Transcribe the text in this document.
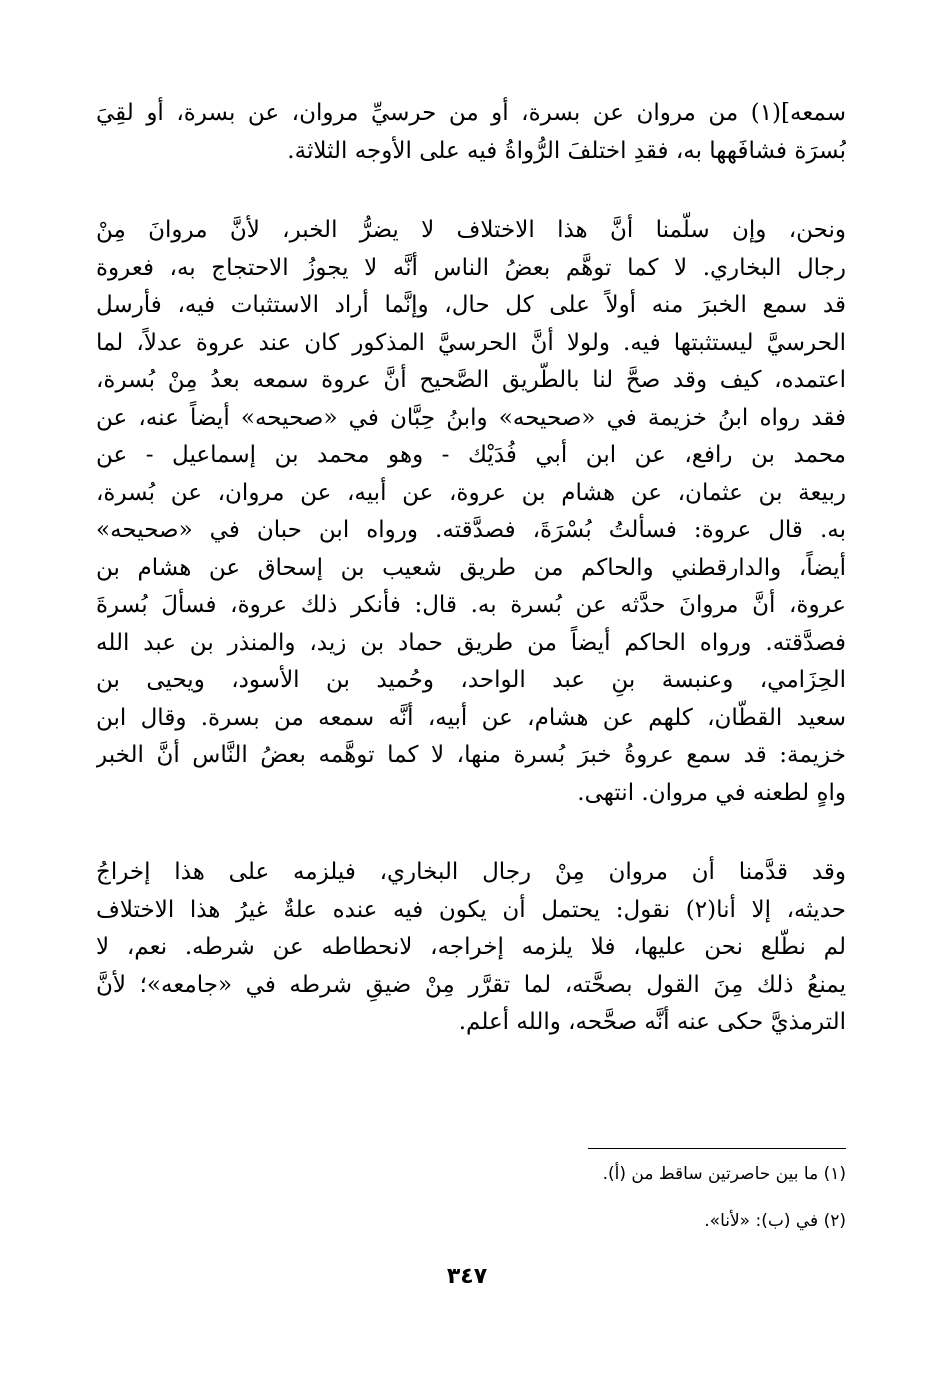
سمعه](١) من مروان عن بسرة، أو من حرسيِّ مروان، عن بسرة، أو لقِيَ
بُسرَة فشافَهها به، فقدِ اختلفَ الرُّواةُ فيه على الأوجه الثلاثة.
ونحن، وإن سلَّمنا أنَّ هذا الاختلاف لا يضرُّ الخبر، لأنَّ مروانَ مِنْ
رجال البخاري. لا كما توهَّم بعضُ الناس أنَّه لا يجوزُ الاحتجاج به، فعروة
قد سمع الخبرَ منه أولاً على كل حال، وإنَّما أراد الاستثبات فيه، فأرسل
الحرسيَّ ليستثبتها فيه. ولولا أنَّ الحرسيَّ المذكور كان عند عروة عدلاً، لما
اعتمده، كيف وقد صحَّ لنا بالطَّريق الصَّحيح أنَّ عروة سمعه بعدُ مِنْ بُسرة،
فقد رواه ابنُ خزيمة في «صحيحه» وابنُ حِبَّان في «صحيحه» أيضاً عنه، عن
محمد بن رافع، عن ابن أبي فُدَيْك - وهو محمد بن إسماعيل - عن
ربيعة بن عثمان، عن هشام بن عروة، عن أبيه، عن مروان، عن بُسرة،
به. قال عروة: فسألتُ بُسْرَةَ، فصدَّقته. ورواه ابن حبان في «صحيحه»
أيضاً، والدارقطني والحاكم من طريق شعيب بن إسحاق عن هشام بن
عروة، أنَّ مروانَ حدَّثه عن بُسرة به. قال: فأنكر ذلك عروة، فسألَ بُسرةَ
فصدَّقته. ورواه الحاكم أيضاً من طريق حماد بن زيد، والمنذر بن عبد الله
الحِزَامي، وعنبسة بنِ عبد الواحد، وحُميد بن الأسود، ويحيى بن
سعيد القطَّان، كلهم عن هشام، عن أبيه، أنَّه سمعه من بسرة. وقال ابن
خزيمة: قد سمع عروةُ خبرَ بُسرة منها، لا كما توهَّمه بعضُ النَّاس أنَّ الخبر
واهٍ لطعنه في مروان. انتهى.
وقد قدَّمنا أن مروان مِنْ رجال البخاري، فيلزمه على هذا إخراجُ
حديثه، إلا أنا(٢) نقول: يحتمل أن يكون فيه عنده علةٌ غيرُ هذا الاختلاف
لم نطَّلع نحن عليها، فلا يلزمه إخراجه، لانحطاطه عن شرطه. نعم، لا
يمنعُ ذلك مِنَ القول بصحَّته، لما تقرَّر مِنْ ضيقِ شرطه في «جامعه»؛ لأنَّ
الترمذيَّ حكى عنه أنَّه صحَّحه، والله أعلم.
(١) ما بين حاصرتين ساقط من (أ).
(٢) في (ب): «لأنا».
٣٤٧
